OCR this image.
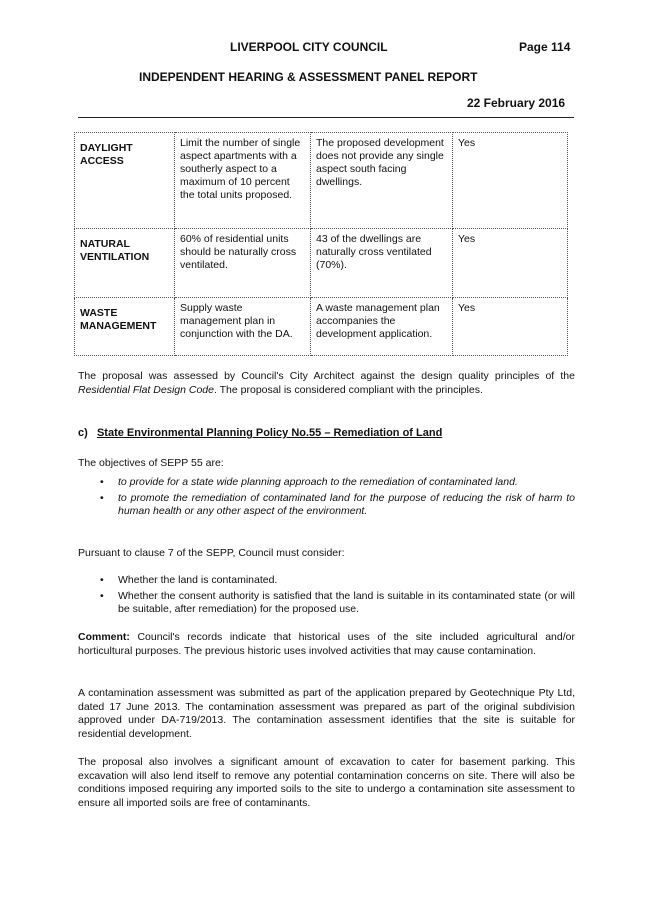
LIVERPOOL CITY COUNCIL	Page 114
INDEPENDENT HEARING & ASSESSMENT PANEL REPORT
22 February 2016
DAYLIGHT ACCESS	Limit the number of single aspect apartments with a southerly aspect to a maximum of 10 percent the total units proposed.	The proposed development does not provide any single aspect south facing dwellings.	Yes
NATURAL VENTILATION	60% of residential units should be naturally cross ventilated.	43 of the dwellings are naturally cross ventilated (70%).	Yes
WASTE MANAGEMENT	Supply waste management plan in conjunction with the DA.	A waste management plan accompanies the development application.	Yes

The proposal was assessed by Council's City Architect against the design quality principles of the Residential Flat Design Code. The proposal is considered compliant with the principles.

c) State Environmental Planning Policy No.55 – Remediation of Land

The objectives of SEPP 55 are:

• to provide for a state wide planning approach to the remediation of contaminated land.
• to promote the remediation of contaminated land for the purpose of reducing the risk of harm to human health or any other aspect of the environment.

Pursuant to clause 7 of the SEPP, Council must consider:

• Whether the land is contaminated.
• Whether the consent authority is satisfied that the land is suitable in its contaminated state (or will be suitable, after remediation) for the proposed use.

Comment: Council's records indicate that historical uses of the site included agricultural and/or horticultural purposes. The previous historic uses involved activities that may cause contamination.

A contamination assessment was submitted as part of the application prepared by Geotechnique Pty Ltd, dated 17 June 2013. The contamination assessment was prepared as part of the original subdivision approved under DA-719/2013. The contamination assessment identifies that the site is suitable for residential development.

The proposal also involves a significant amount of excavation to cater for basement parking. This excavation will also lend itself to remove any potential contamination concerns on site. There will also be conditions imposed requiring any imported soils to the site to undergo a contamination site assessment to ensure all imported soils are free of contaminants.
